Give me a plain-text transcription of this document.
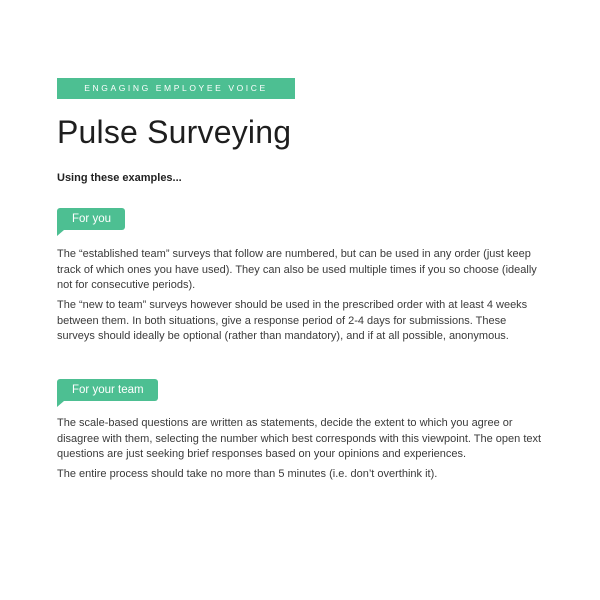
ENGAGING EMPLOYEE VOICE
Pulse Surveying

Using these examples...

For you

The “established team” surveys that follow are numbered, but can be used in any order (just keep track of which ones you have used). They can also be used multiple times if you so choose (ideally not for consecutive periods).

The “new to team” surveys however should be used in the prescribed order with at least 4 weeks between them. In both situations, give a response period of 2-4 days for submissions. These surveys should ideally be optional (rather than mandatory), and if at all possible, anonymous.

For your team

The scale-based questions are written as statements, decide the extent to which you agree or disagree with them, selecting the number which best corresponds with this viewpoint. The open text questions are just seeking brief responses based on your opinions and experiences.

The entire process should take no more than 5 minutes (i.e. don’t overthink it).
